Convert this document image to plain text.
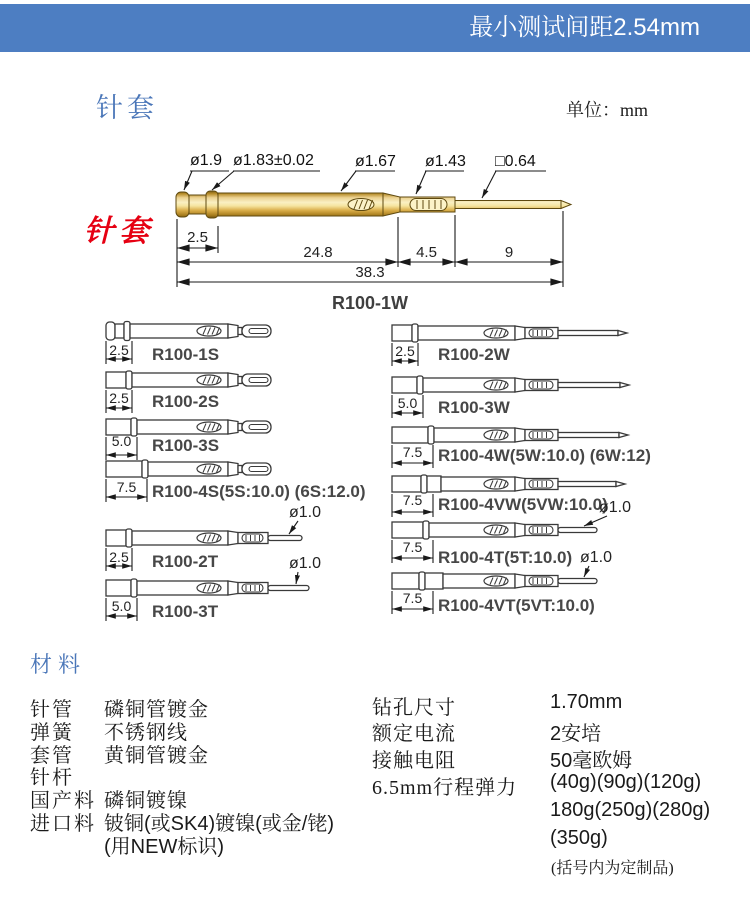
最小测试间距2.54mm
针套	单位：mm
针套
ø1.9 ø1.83±0.02	ø1.67 ø1.43 □0.64
2.5
24.8	4.5	9
38.3
R100-1W
2.5 R100-1S
2.5 R100-2S
5.0	R100-3S
7.5 R100-4S(5S:10.0) (6S:12.0)
2.5 R100-2T
ø1.0
5.0	R100-3T
ø1.0
2.5 R100-2W
5.0	R100-3W
7.5 R100-4W(5W:10.0) (6W:12)
7.5 R100-4VW(5VW:10.0)
7.5
R100-4T(5T:10.0)
ø1.0
7.5 R100-4VT(5VT:10.0)
ø1.0
材料
针管 磷铜管镀金
弹簧 不锈钢线
套管 黄铜管镀金
针杆
国产料 磷铜镀镍
进口料 铍铜(或SK4)镀镍(或金/铑)
(用NEW标识)
钻孔尺寸	1.70mm
额定电流	2安培
接触电阻	50毫欧姆
6.5mm行程弹力 (40g)(90g)(120g)
180g(250g)(280g)
(350g)
(括号内为定制品)
